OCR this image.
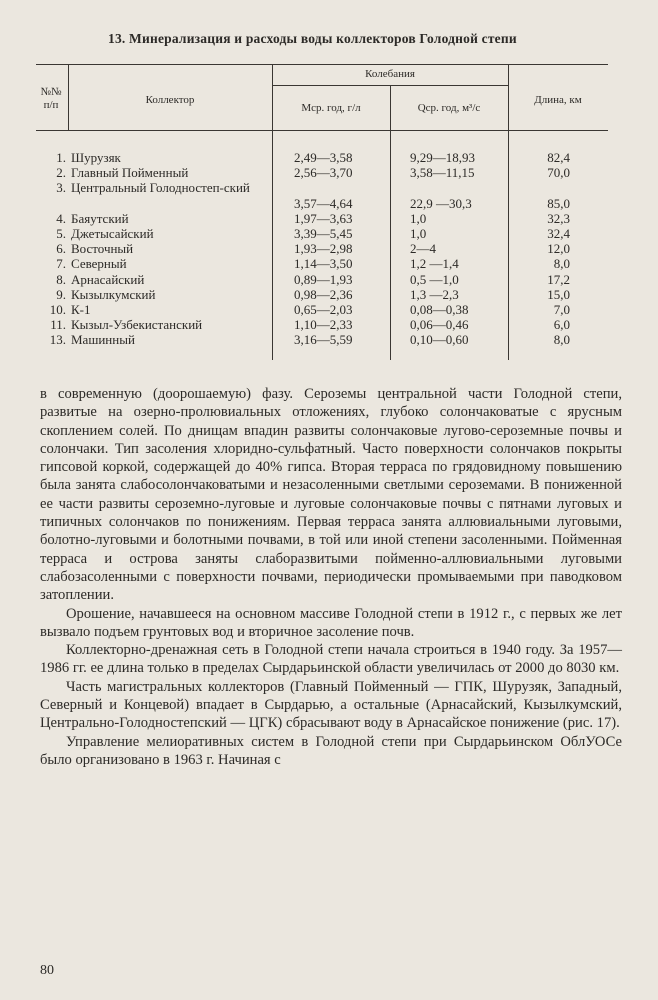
13. Минерализация и расходы воды коллекторов Голодной степи
№№ п/п	Коллектор
Колебания
Мср. год, г/л	Qср. год, м³/с
Длина, км
1. Шурузяк	2,49—3,58	9,29—18,93	82,4
2. Главный Пойменный	2,56—3,70	3,58—11,15	70,0
3. Центральный Голодностеп-ский
3,57—4,64	22,9 —30,3	85,0
4. Баяутский	1,97—3,63	1,0	32,3
5. Джетысайский	3,39—5,45	1,0	32,4
6. Восточный	1,93—2,98	2—4	12,0
7. Северный	1,14—3,50	1,2 —1,4	8,0
8. Арнасайский	0,89—1,93	0,5 —1,0	17,2
9. Кызылкумский	0,98—2,36	1,3 —2,3	15,0
10. К-1	0,65—2,03	0,08—0,38	7,0
11. Кызыл-Узбекистанский	1,10—2,33	0,06—0,46	6,0
13. Машинный	3,16—5,59	0,10—0,60	8,0

в современную (доорошаемую) фазу. Сероземы центральной части Голодной степи, развитые на озерно-пролювиальных отложениях, глубоко солончаковатые с ярусным скоплением солей. По днищам впадин развиты солончаковые лугово-сероземные почвы и солончаки. Тип засоления хлоридно-сульфатный. Часто поверхности солончаков покрыты гипсовой коркой, содержащей до 40% гипса. Вторая терраса по грядовидному повышению была занята слабосолончаковатыми и незасоленными светлыми сероземами. В пониженной ее части развиты сероземно-луговые и луговые солончаковые почвы с пятнами луговых и типичных солончаков по понижениям. Первая терраса занята аллювиальными луговыми, болотно-луговыми и болотными почвами, в той или иной степени засоленными. Пойменная терраса и острова заняты слаборазвитыми пойменно-аллювиальными луговыми слабозасоленными с поверхности почвами, периодически промываемыми при паводковом затоплении.

Орошение, начавшееся на основном массиве Голодной степи в 1912 г., с первых же лет вызвало подъем грунтовых вод и вторичное засоление почв.

Коллекторно-дренажная сеть в Голодной степи начала строиться в 1940 году. За 1957—1986 гг. ее длина только в пределах Сырдарьинской области увеличилась от 2000 до 8030 км.

Часть магистральных коллекторов (Главный Пойменный — ГПК, Шурузяк, Западный, Северный и Концевой) впадает в Сырдарью, а остальные (Арнасайский, Кызылкумский, Центрально-Голодностепский — ЦГК) сбрасывают воду в Арнасайское понижение (рис. 17).

Управление мелиоративных систем в Голодной степи при Сырдарьинском ОблУОСе было организовано в 1963 г. Начиная с

80
